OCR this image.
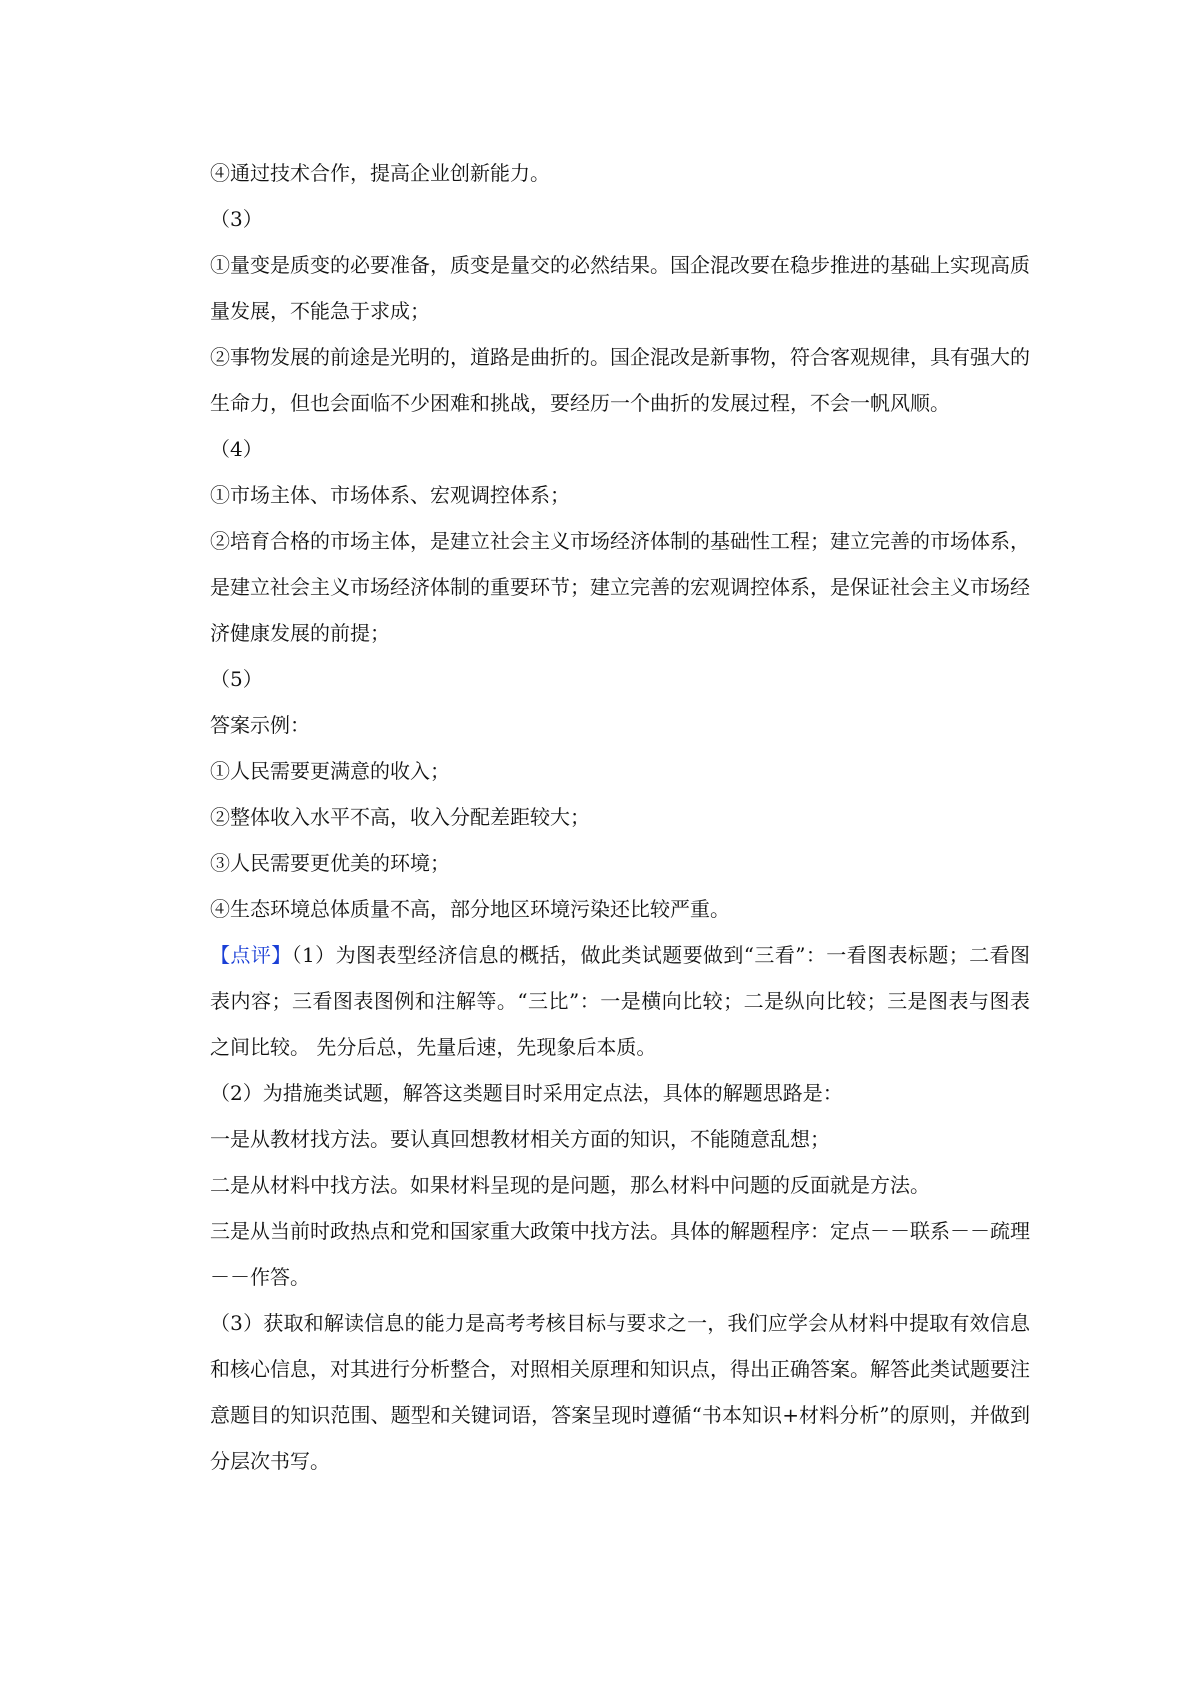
④通过技术合作，提高企业创新能力。

（3）

①量变是质变的必要准备，质变是量交的必然结果。国企混改要在稳步推进的基础上实现高质量发展，不能急于求成；

②事物发展的前途是光明的，道路是曲折的。国企混改是新事物，符合客观规律，具有强大的生命力，但也会面临不少困难和挑战，要经历一个曲折的发展过程，不会一帆风顺。

（4）

①市场主体、市场体系、宏观调控体系；

②培育合格的市场主体，是建立社会主义市场经济体制的基础性工程；建立完善的市场体系，是建立社会主义市场经济体制的重要环节；建立完善的宏观调控体系，是保证社会主义市场经济健康发展的前提；

（5）

答案示例：

①人民需要更满意的收入；

②整体收入水平不高，收入分配差距较大；

③人民需要更优美的环境；

④生态环境总体质量不高，部分地区环境污染还比较严重。

【点评】（1）为图表型经济信息的概括，做此类试题要做到“三看”：一看图表标题；二看图表内容；三看图表图例和注解等。“三比”：一是横向比较；二是纵向比较；三是图表与图表之间比较。 先分后总，先量后速，先现象后本质。

（2）为措施类试题，解答这类题目时采用定点法，具体的解题思路是：

一是从教材找方法。要认真回想教材相关方面的知识，不能随意乱想；

二是从材料中找方法。如果材料呈现的是问题，那么材料中问题的反面就是方法。

三是从当前时政热点和党和国家重大政策中找方法。具体的解题程序：定点－－联系－－疏理－－作答。

（3）获取和解读信息的能力是高考考核目标与要求之一，我们应学会从材料中提取有效信息和核心信息，对其进行分析整合，对照相关原理和知识点，得出正确答案。解答此类试题要注意题目的知识范围、题型和关键词语，答案呈现时遵循“书本知识+材料分析”的原则，并做到分层次书写。
